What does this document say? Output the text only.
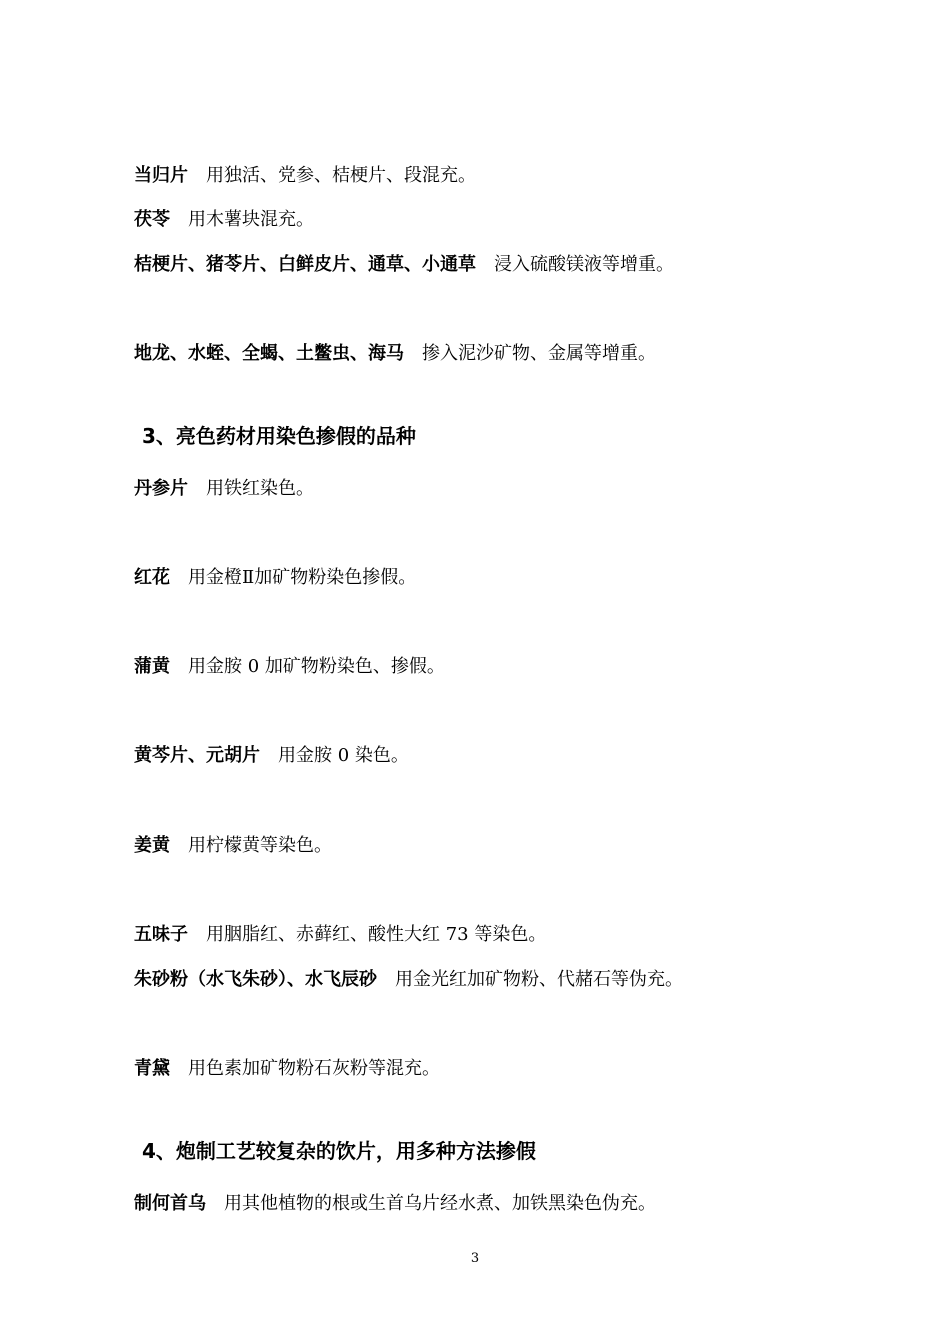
当归片 用独活、党参、桔梗片、段混充。
茯苓 用木薯块混充。
桔梗片、猪苓片、白鲜皮片、通草、小通草 浸入硫酸镁液等增重。
地龙、水蛭、全蝎、土鳖虫、海马 掺入泥沙矿物、金属等增重。
3、亮色药材用染色掺假的品种
丹参片 用铁红染色。
红花 用金橙Ⅱ加矿物粉染色掺假。
蒲黄 用金胺 0 加矿物粉染色、掺假。
黄芩片、元胡片 用金胺 0 染色。
姜黄 用柠檬黄等染色。
五味子 用胭脂红、赤藓红、酸性大红 73 等染色。
朱砂粉（水飞朱砂）、水飞辰砂 用金光红加矿物粉、代赭石等伪充。
青黛 用色素加矿物粉石灰粉等混充。
4、炮制工艺较复杂的饮片，用多种方法掺假
制何首乌 用其他植物的根或生首乌片经水煮、加铁黑染色伪充。
3
